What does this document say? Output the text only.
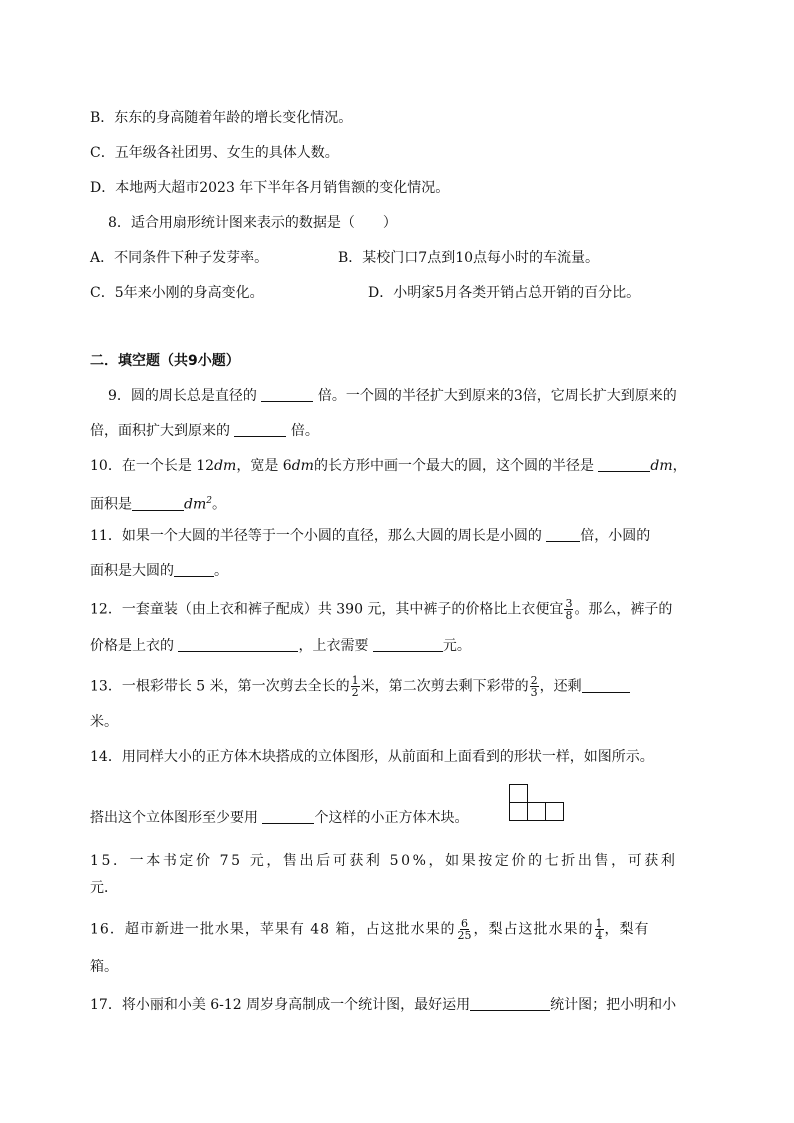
B．东东的身高随着年龄的增长变化情况。
C．五年级各社团男、女生的具体人数。
D．本地两大超市2023 年下半年各月销售额的变化情况。
8．适合用扇形统计图来表示的数据是（　　）
A．不同条件下种子发芽率。	B．某校门口7点到10点每小时的车流量。
C．5年来小刚的身高变化。	D．小明家5月各类开销占总开销的百分比。
二．填空题（共9小题）
9．圆的周长总是直径的	倍。一个圆的半径扩大到原来的3倍，它周长扩大到原来的
倍，面积扩大到原来的	倍。
10．在一个长是 12dm，宽是 6dm的长方形中画一个最大的圆，这个圆的半径是	dm，
面积是	$dm^2$。
11．如果一个大圆的半径等于一个小圆的直径，那么大圆的周长是小圆的	倍，小圆的
面积是大圆的	。
12．一套童装（由上衣和裤子配成）共 390 元，其中裤子的价格比上衣便宜 $\frac{3}{8}$ 。那么，裤子的
价格是上衣的	，上衣需要	元。
13．一根彩带长 5 米，第一次剪去全长的 $\frac{1}{2}$ 米，第二次剪去剩下彩带的 $\frac{2}{3}$ ，还剩
米。
14．用同样大小的正方体木块搭成的立体图形，从前面和上面看到的形状一样，如图所示。
搭出这个立体图形至少要用	个这样的小正方体木块。
15．一本书定价 75 元，售出后可获利 50%，如果按定价的七折出售，可获利
元．
16．超市新进一批水果，苹果有 48 箱，占这批水果的 $\frac{6}{25}$ ，梨占这批水果的 $\frac{1}{4}$ ，梨有
箱。
17．将小丽和小美 6-12 周岁身高制成一个统计图，最好运用	统计图；把小明和小
